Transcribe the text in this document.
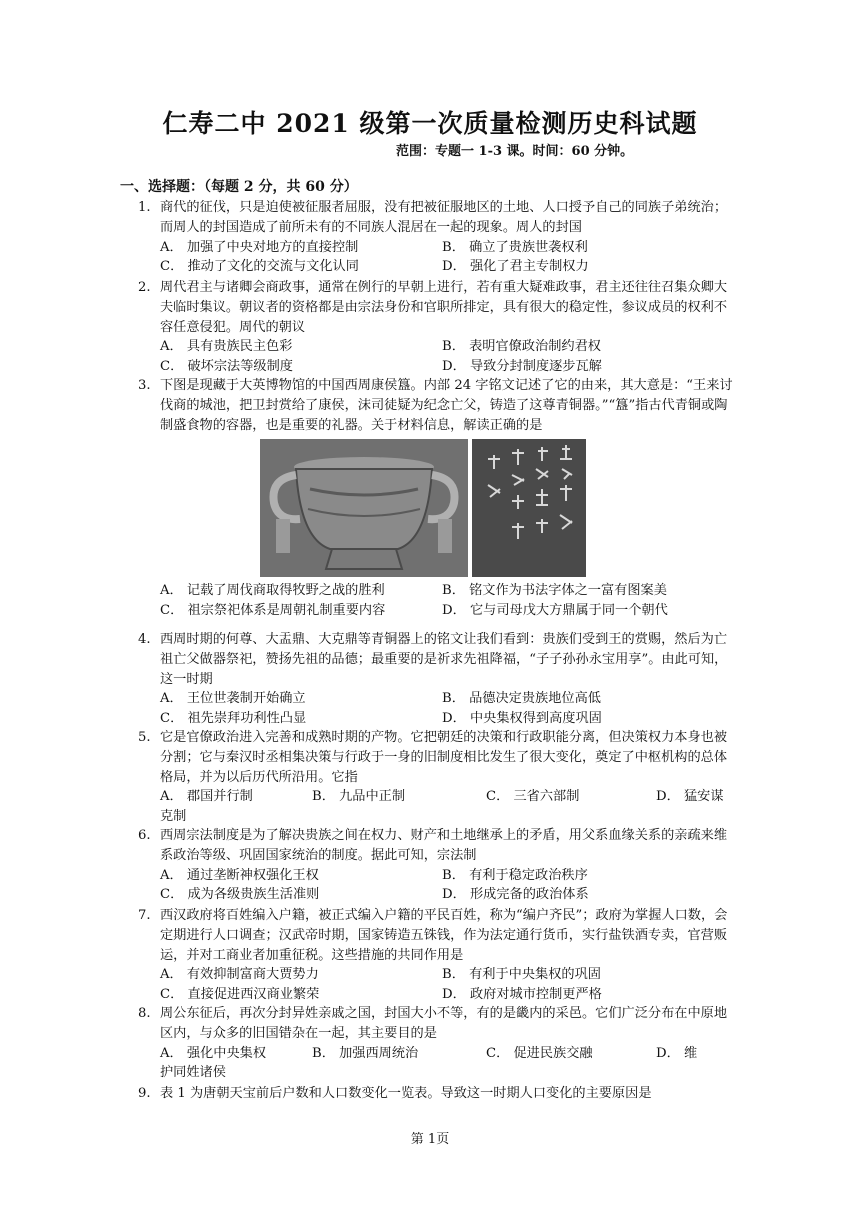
仁寿二中 2021 级第一次质量检测历史科试题
范围：专题一 1-3 课。时间：60 分钟。
一、选择题：（每题 2 分，共 60 分）
1. 商代的征伐，只是迫使被征服者屈服，没有把被征服地区的土地、人口授予自己的同族子弟统治；而周人的封国造成了前所未有的不同族人混居在一起的现象。周人的封国
A． 加强了中央对地方的直接控制	B． 确立了贵族世袭权利
C． 推动了文化的交流与文化认同	D． 强化了君主专制权力
2. 周代君主与诸卿会商政事，通常在例行的早朝上进行，若有重大疑难政事，君主还往往召集众卿大夫临时集议。朝议者的资格都是由宗法身份和官职所排定，具有很大的稳定性，参议成员的权利不容任意侵犯。周代的朝议
A． 具有贵族民主色彩	B． 表明官僚政治制约君权
C． 破坏宗法等级制度	D． 导致分封制度逐步瓦解
3. 下图是现藏于大英博物馆的中国西周康侯簋。内部 24 字铭文记述了它的由来，其大意是：“王来讨伐商的城池，把卫封赏给了康侯，沫司徒疑为纪念亡父，铸造了这尊青铜器。”“簋”指古代青铜或陶制盛食物的容器，也是重要的礼器。关于材料信息，解读正确的是
A． 记载了周伐商取得牧野之战的胜利	B． 铭文作为书法字体之一富有图案美
C． 祖宗祭祀体系是周朝礼制重要内容	D． 它与司母戊大方鼎属于同一个朝代
4. 西周时期的何尊、大盂鼎、大克鼎等青铜器上的铭文让我们看到：贵族们受到王的赏赐，然后为亡祖亡父做器祭祀，赞扬先祖的品德；最重要的是祈求先祖降福，“子子孙孙永宝用享”。由此可知，这一时期
A． 王位世袭制开始确立	B． 品德决定贵族地位高低
C． 祖先崇拜功利性凸显	D． 中央集权得到高度巩固
5. 它是官僚政治进入完善和成熟时期的产物。它把朝廷的决策和行政职能分离，但决策权力本身也被分割；它与秦汉时丞相集决策与行政于一身的旧制度相比发生了很大变化，奠定了中枢机构的总体格局，并为以后历代所沿用。它指
A． 郡国并行制	B． 九品中正制	C． 三省六部制	D． 猛安谋
克制
6. 西周宗法制度是为了解决贵族之间在权力、财产和土地继承上的矛盾，用父系血缘关系的亲疏来维系政治等级、巩固国家统治的制度。据此可知，宗法制
A． 通过垄断神权强化王权	B． 有利于稳定政治秩序
C． 成为各级贵族生活准则	D． 形成完备的政治体系
7. 西汉政府将百姓编入户籍，被正式编入户籍的平民百姓，称为“编户齐民”；政府为掌握人口数，会定期进行人口调查；汉武帝时期，国家铸造五铢钱，作为法定通行货币，实行盐铁酒专卖，官营贩运，并对工商业者加重征税。这些措施的共同作用是
A． 有效抑制富商大贾势力	B． 有利于中央集权的巩固
C． 直接促进西汉商业繁荣	D． 政府对城市控制更严格
8. 周公东征后，再次分封异姓亲戚之国，封国大小不等，有的是畿内的采邑。它们广泛分布在中原地区内，与众多的旧国错杂在一起，其主要目的是
A． 强化中央集权	B． 加强西周统治	C． 促进民族交融	D． 维
护同姓诸侯
9. 表 1 为唐朝天宝前后户数和人口数变化一览表。导致这一时期人口变化的主要原因是
第 1页
